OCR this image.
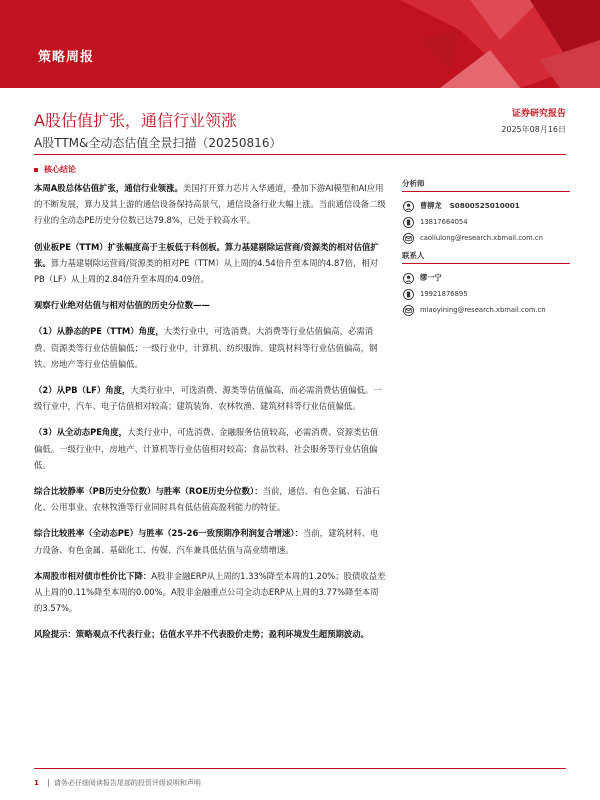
策略周报
A股估值扩张，通信行业领涨
A股TTM&全动态估值全景扫描（20250816）
证券研究报告
2025年08月16日
核心结论

本周A股总体估值扩张，通信行业领涨。美国打开算力芯片入华通道，叠加下游AI模型和AI应用的不断发展，算力及其上游的通信设备保持高景气，通信设备行业大幅上涨。当前通信设备二级行业的全动态PE历史分位数已达79.8%，已处于较高水平。

创业板PE（TTM）扩张幅度高于主板低于科创板。算力基建剔除运营商/资源类的相对估值扩张。算力基建剔除运营商/资源类的相对PE（TTM）从上周的4.54倍升至本周的4.87倍，相对PB（LF）从上周的2.84倍升至本周的4.09倍。

观察行业绝对估值与相对估值的历史分位数——

（1）从静态的PE（TTM）角度，大类行业中，可选消费、大消费等行业估值偏高，必需消费、资源类等行业估值偏低；一级行业中，计算机、纺织服饰、建筑材料等行业估值偏高，钢铁、房地产等行业估值偏低。

（2）从PB（LF）角度，大类行业中，可选消费、源类等估值偏高，而必需消费估值偏低。一级行业中，汽车、电子估值相对较高；建筑装饰、农林牧渔、建筑材料等行业估值偏低。

（3）从全动态PE角度，大类行业中，可选消费、金融服务估值较高，必需消费、资源类估值偏低。一级行业中，房地产、计算机等行业估值相对较高；食品饮料、社会服务等行业估值偏低。

综合比较静率（PB历史分位数）与胜率（ROE历史分位数）：当前，通信、有色金属、石油石化、公用事业、农林牧渔等行业同时具有低估值高盈利能力的特征。

综合比较胜率（全动态PE）与胜率（25-26一致预期净利润复合增速）：当前，建筑材料、电力设备、有色金属、基础化工、传媒、汽车兼具低估值与高业绩增速。

本周股市相对债市性价比下降：A股非金融ERP从上周的1.33%降至本周的1.20%；股债收益差从上周的0.11%降至本周的0.00%。A股非金融重点公司全动态ERP从上周的3.77%降至本周的3.57%。

风险提示：策略观点不代表行业；估值水平并不代表股价走势；盈利环境发生超预期波动。

分析师
曹柳龙 S0800525010001
13817664054
caoliulong@research.xbmail.com.cn
联系人
缪一宁
19921876895
miaoyining@research.xbmail.com.cn
1 请务必仔细阅读报告尾部的投资评级说明和声明
